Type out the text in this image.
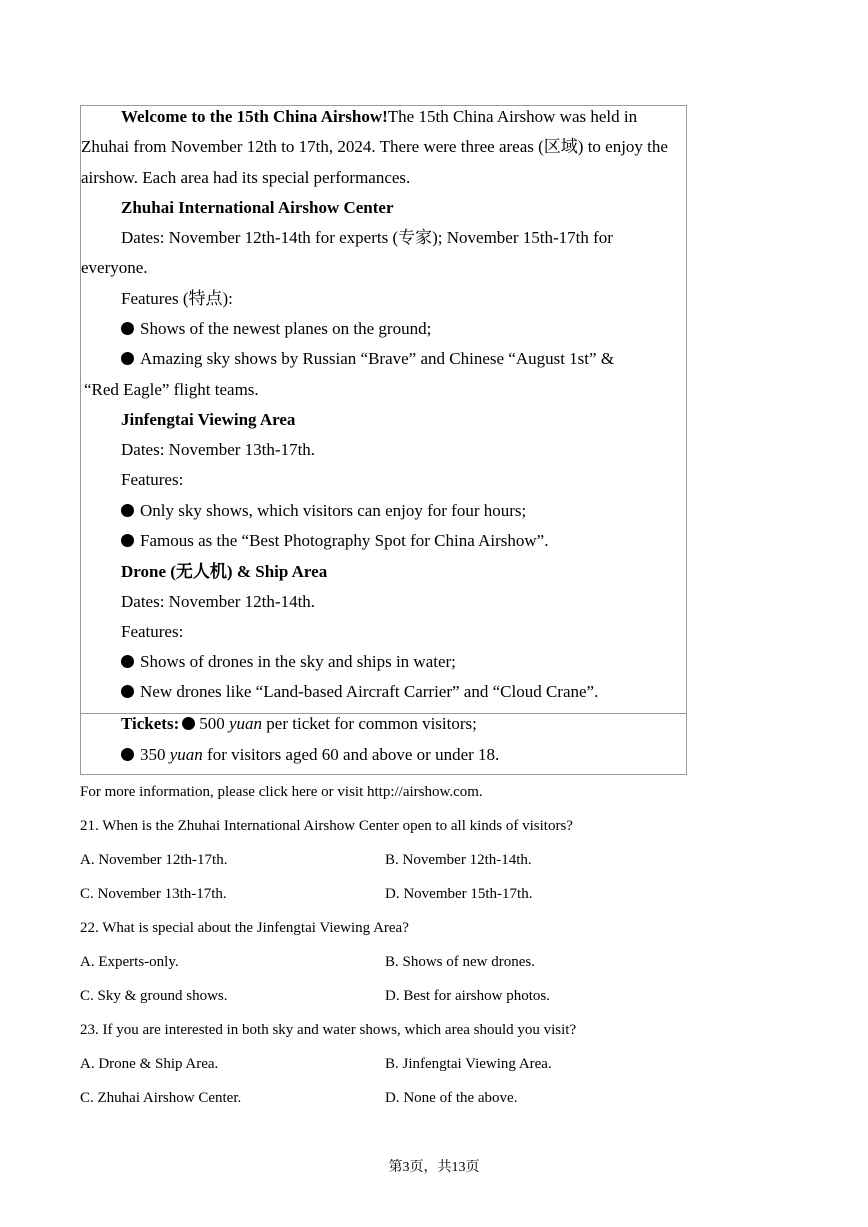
Welcome to the 15th China Airshow!The 15th China Airshow was held in

Zhuhai from November 12th to 17th, 2024. There were three areas (区域) to enjoy the

airshow. Each area had its special performances.

Zhuhai International Airshow Center

Dates: November 12th-14th for experts (专家); November 15th-17th for

everyone.

Features (特点):

Shows of the newest planes on the ground;

Amazing sky shows by Russian “Brave” and Chinese “August 1st” &

“Red Eagle” flight teams.

Jinfengtai Viewing Area

Dates: November 13th-17th.

Features:

Only sky shows, which visitors can enjoy for four hours;

Famous as the “Best Photography Spot for China Airshow”.

Drone (无人机) & Ship Area

Dates: November 12th-14th.

Features:

Shows of drones in the sky and ships in water;

New drones like “Land-based Aircraft Carrier” and “Cloud Crane”.

Tickets: 500 yuan per ticket for common visitors;

350 yuan for visitors aged 60 and above or under 18.

For more information, please click here or visit http://airshow.com.

21. When is the Zhuhai International Airshow Center open to all kinds of visitors?

A. November 12th-17th.	B. November 12th-14th.

C. November 13th-17th.	D. November 15th-17th.

22. What is special about the Jinfengtai Viewing Area?

A. Experts-only.	B. Shows of new drones.

C. Sky & ground shows.	D. Best for airshow photos.

23. If you are interested in both sky and water shows, which area should you visit?

A. Drone & Ship Area.	B. Jinfengtai Viewing Area.

C. Zhuhai Airshow Center.	D. None of the above.

第3页，共13页
